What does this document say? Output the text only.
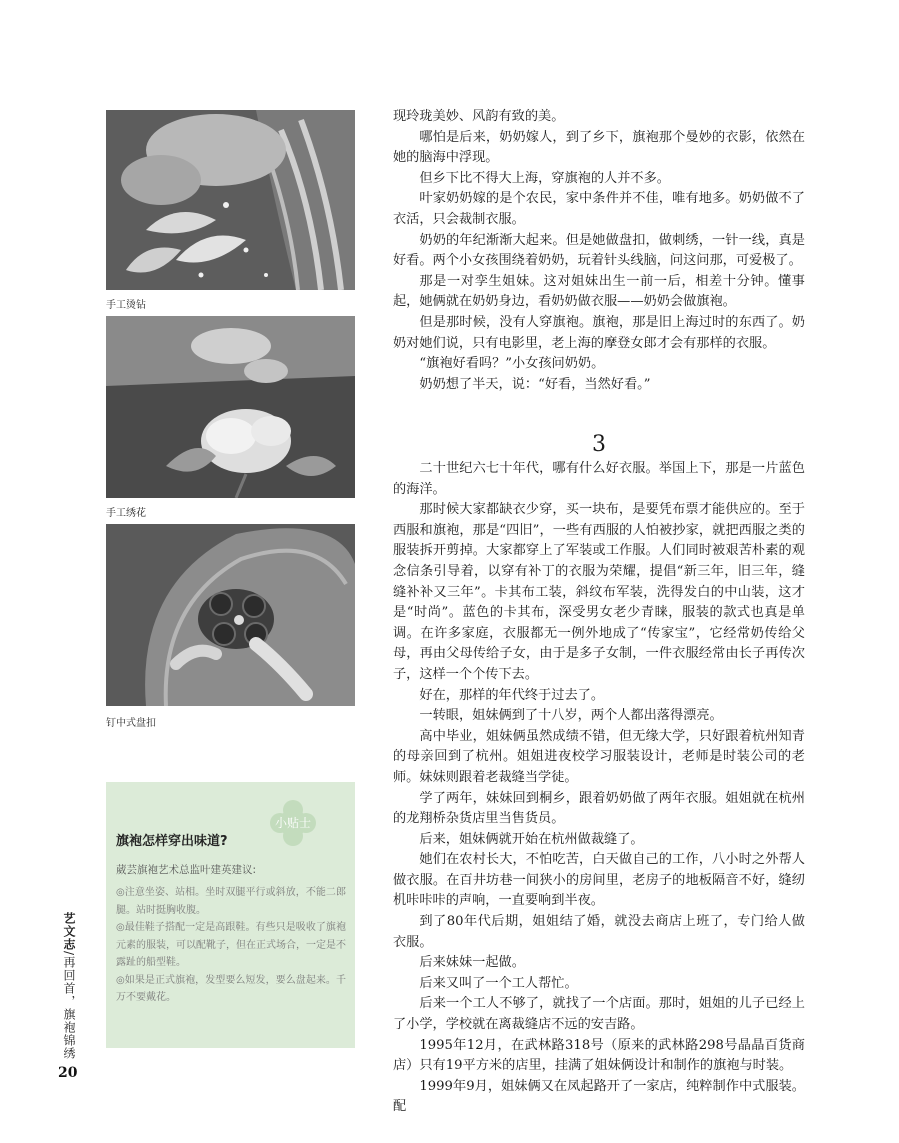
手工烫钻
手工绣花
钉中式盘扣
小贴士
旗袍怎样穿出味道?
葳芸旗袍艺术总监叶建英建议:

◎注意坐姿、站相。坐时双腿平行或斜放，不能二郎腿。站时挺胸收腹。

◎最佳鞋子搭配一定是高跟鞋。有些只是吸收了旗袍元素的服装，可以配靴子，但在正式场合，一定是不露趾的船型鞋。

◎如果是正式旗袍，发型要么短发，要么盘起来。千万不要戴花。

艺文志/再回首，旗袍锦绣
20

现玲珑美妙、风韵有致的美。

哪怕是后来，奶奶嫁人，到了乡下，旗袍那个曼妙的衣影，依然在她的脑海中浮现。

但乡下比不得大上海，穿旗袍的人并不多。

叶家奶奶嫁的是个农民，家中条件并不佳，唯有地多。奶奶做不了衣活，只会裁制衣服。

奶奶的年纪渐渐大起来。但是她做盘扣，做刺绣，一针一线，真是好看。两个小女孩围绕着奶奶，玩着针头线脑，问这问那，可爱极了。

那是一对孪生姐妹。这对姐妹出生一前一后，相差十分钟。懂事起，她俩就在奶奶身边，看奶奶做衣服——奶奶会做旗袍。

但是那时候，没有人穿旗袍。旗袍，那是旧上海过时的东西了。奶奶对她们说，只有电影里，老上海的摩登女郎才会有那样的衣服。

“旗袍好看吗？”小女孩问奶奶。

奶奶想了半天，说：“好看，当然好看。”

3

二十世纪六七十年代，哪有什么好衣服。举国上下，那是一片蓝色的海洋。

那时候大家都缺衣少穿，买一块布，是要凭布票才能供应的。至于西服和旗袍，那是“四旧”，一些有西服的人怕被抄家，就把西服之类的服装拆开剪掉。大家都穿上了军装或工作服。人们同时被艰苦朴素的观念信条引导着，以穿有补丁的衣服为荣耀，提倡“新三年，旧三年，缝缝补补又三年”。卡其布工装，斜纹布军装，洗得发白的中山装，这才是“时尚”。蓝色的卡其布，深受男女老少青睐，服装的款式也真是单调。在许多家庭，衣服都无一例外地成了“传家宝”，它经常奶传给父母，再由父母传给子女，由于是多子女制，一件衣服经常由长子再传次子，这样一个个传下去。

好在，那样的年代终于过去了。

一转眼，姐妹俩到了十八岁，两个人都出落得漂亮。

高中毕业，姐妹俩虽然成绩不错，但无缘大学，只好跟着杭州知青的母亲回到了杭州。姐姐进夜校学习服装设计，老师是时装公司的老师。妹妹则跟着老裁缝当学徒。

学了两年，妹妹回到桐乡，跟着奶奶做了两年衣服。姐姐就在杭州的龙翔桥杂货店里当售货员。

后来，姐妹俩就开始在杭州做裁缝了。

她们在农村长大，不怕吃苦，白天做自己的工作，八小时之外帮人做衣服。在百井坊巷一间狭小的房间里，老房子的地板隔音不好，缝纫机咔咔咔的声响，一直要响到半夜。

到了80年代后期，姐姐结了婚，就没去商店上班了，专门给人做衣服。

后来妹妹一起做。

后来又叫了一个工人帮忙。

后来一个工人不够了，就找了一个店面。那时，姐姐的儿子已经上了小学，学校就在离裁缝店不远的安吉路。

1995年12月，在武林路318号（原来的武林路298号晶晶百货商店）只有19平方米的店里，挂满了姐妹俩设计和制作的旗袍与时装。

1999年9月，姐妹俩又在凤起路开了一家店，纯粹制作中式服装。配
